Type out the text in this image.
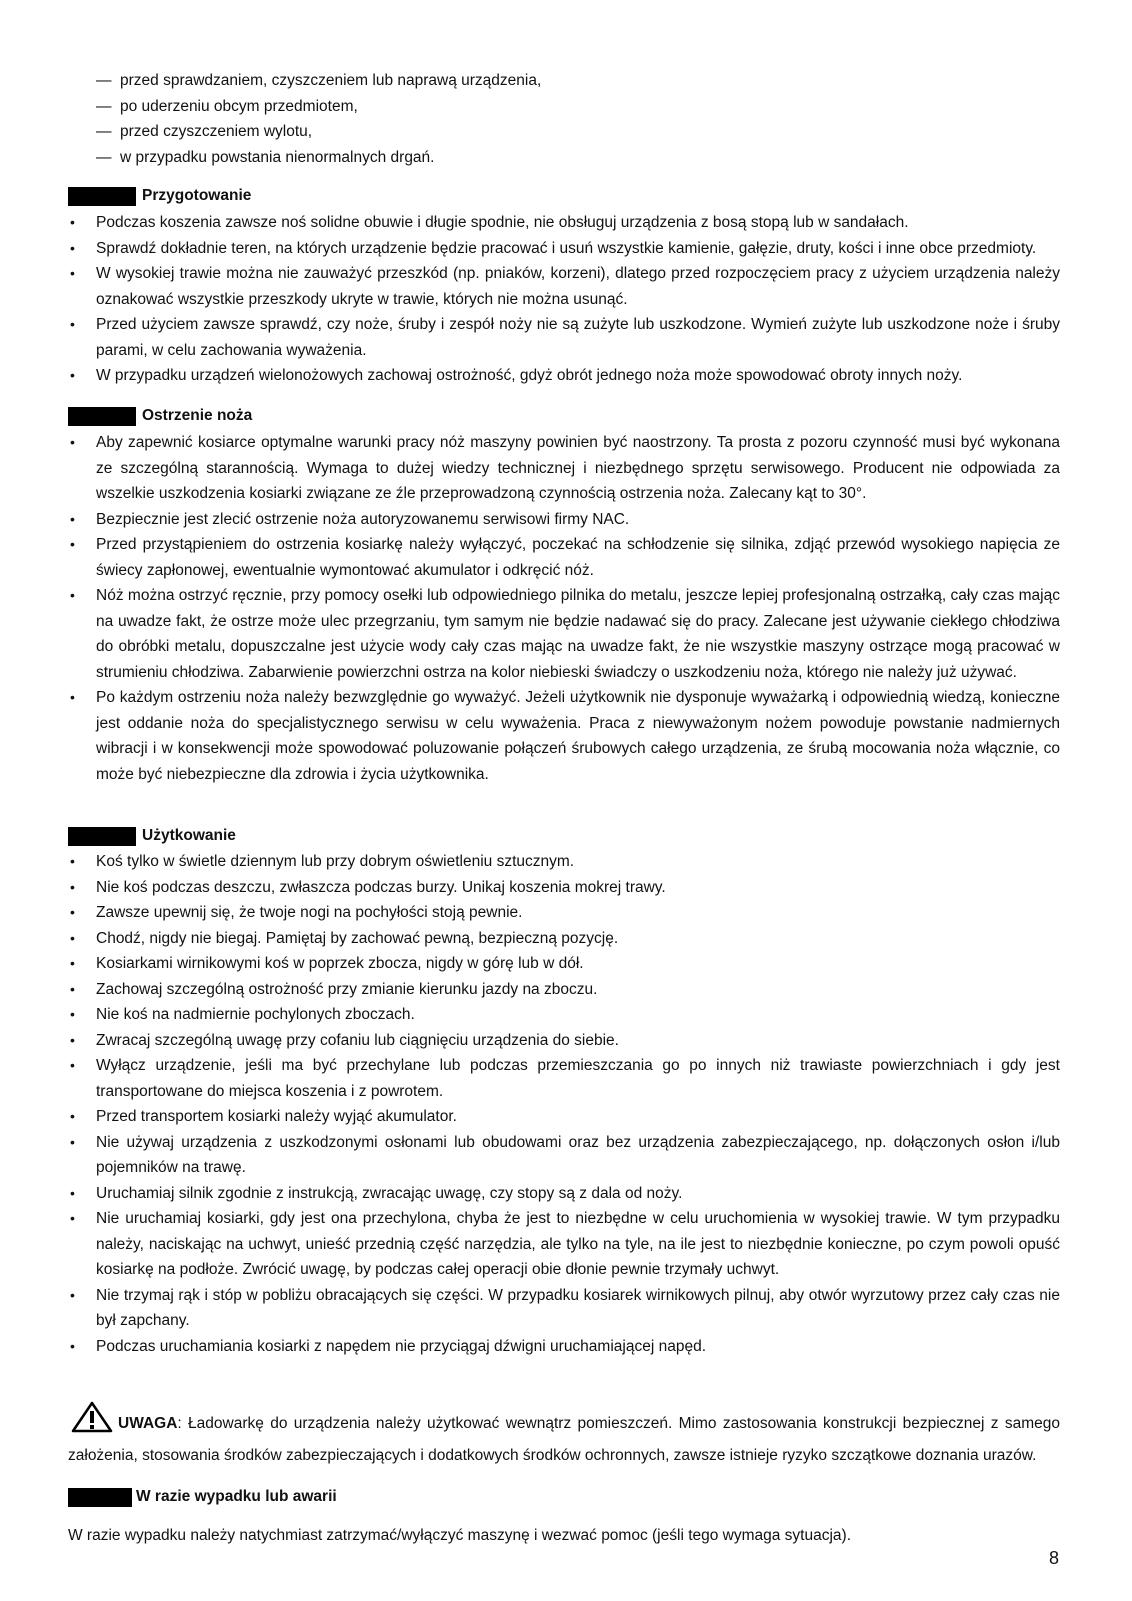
— przed sprawdzaniem, czyszczeniem lub naprawą urządzenia,
— po uderzeniu obcym przedmiotem,
— przed czyszczeniem wylotu,
— w przypadku powstania nienormalnych drgań.
Przygotowanie
•	Podczas koszenia zawsze noś solidne obuwie i długie spodnie, nie obsługuj urządzenia z bosą stopą lub w sandałach.
•	Sprawdź dokładnie teren, na których urządzenie będzie pracować i usuń wszystkie kamienie, gałęzie, druty, kości i inne obce przedmioty.
•	W wysokiej trawie można nie zauważyć przeszkód (np. pniaków, korzeni), dlatego przed rozpoczęciem pracy z użyciem urządzenia należy oznakować wszystkie przeszkody ukryte w trawie, których nie można usunąć.
•	Przed użyciem zawsze sprawdź, czy noże, śruby i zespół noży nie są zużyte lub uszkodzone. Wymień zużyte lub uszkodzone noże i śruby parami, w celu zachowania wyważenia.
•	W przypadku urządzeń wielonożowych zachowaj ostrożność, gdyż obrót jednego noża może spowodować obroty innych noży.
Ostrzenie noża
•	Aby zapewnić kosiarce optymalne warunki pracy nóż maszyny powinien być naostrzony. Ta prosta z pozoru czynność musi być wykonana ze szczególną starannością. Wymaga to dużej wiedzy technicznej i niezbędnego sprzętu serwisowego. Producent nie odpowiada za wszelkie uszkodzenia kosiarki związane ze źle przeprowadzoną czynnością ostrzenia noża. Zalecany kąt to 30°.
•	Bezpiecznie jest zlecić ostrzenie noża autoryzowanemu serwisowi firmy NAC.
•	Przed przystąpieniem do ostrzenia kosiarkę należy wyłączyć, poczekać na schłodzenie się silnika, zdjąć przewód wysokiego napięcia ze świecy zapłonowej, ewentualnie wymontować akumulator i odkręcić nóż.
•	Nóż można ostrzyć ręcznie, przy pomocy osełki lub odpowiedniego pilnika do metalu, jeszcze lepiej profesjonalną ostrzałką, cały czas mając na uwadze fakt, że ostrze może ulec przegrzaniu, tym samym nie będzie nadawać się do pracy. Zalecane jest używanie ciekłego chłodziwa do obróbki metalu, dopuszczalne jest użycie wody cały czas mając na uwadze fakt, że nie wszystkie maszyny ostrzące mogą pracować w strumieniu chłodziwa. Zabarwienie powierzchni ostrza na kolor niebieski świadczy o uszkodzeniu noża, którego nie należy już używać.
•	Po każdym ostrzeniu noża należy bezwzględnie go wyważyć. Jeżeli użytkownik nie dysponuje wyważarką i odpowiednią wiedzą, konieczne jest oddanie noża do specjalistycznego serwisu w celu wyważenia. Praca z niewyważonym nożem powoduje powstanie nadmiernych wibracji i w konsekwencji może spowodować poluzowanie połączeń śrubowych całego urządzenia, ze śrubą mocowania noża włącznie, co może być niebezpieczne dla zdrowia i życia użytkownika.
Użytkowanie
•	Koś tylko w świetle dziennym lub przy dobrym oświetleniu sztucznym.
•	Nie koś podczas deszczu, zwłaszcza podczas burzy. Unikaj koszenia mokrej trawy.
•	Zawsze upewnij się, że twoje nogi na pochyłości stoją pewnie.
•	Chodź, nigdy nie biegaj. Pamiętaj by zachować pewną, bezpieczną pozycję.
•	Kosiarkami wirnikowymi koś w poprzek zbocza, nigdy w górę lub w dół.
•	Zachowaj szczególną ostrożność przy zmianie kierunku jazdy na zboczu.
•	Nie koś na nadmiernie pochylonych zboczach.
•	Zwracaj szczególną uwagę przy cofaniu lub ciągnięciu urządzenia do siebie.
•	Wyłącz urządzenie, jeśli ma być przechylane lub podczas przemieszczania go po innych niż trawiaste powierzchniach i gdy jest transportowane do miejsca koszenia i z powrotem.
•	Przed transportem kosiarki należy wyjąć akumulator.
•	Nie używaj urządzenia z uszkodzonymi osłonami lub obudowami oraz bez urządzenia zabezpieczającego, np. dołączonych osłon i/lub pojemników na trawę.
•	Uruchamiaj silnik zgodnie z instrukcją, zwracając uwagę, czy stopy są z dala od noży.
•	Nie uruchamiaj kosiarki, gdy jest ona przechylona, chyba że jest to niezbędne w celu uruchomienia w wysokiej trawie. W tym przypadku należy, naciskając na uchwyt, unieść przednią część narzędzia, ale tylko na tyle, na ile jest to niezbędnie konieczne, po czym powoli opuść kosiarkę na podłoże. Zwrócić uwagę, by podczas całej operacji obie dłonie pewnie trzymały uchwyt.
•	Nie trzymaj rąk i stóp w pobliżu obracających się części. W przypadku kosiarek wirnikowych pilnuj, aby otwór wyrzutowy przez cały czas nie był zapchany.
•	Podczas uruchamiania kosiarki z napędem nie przyciągaj dźwigni uruchamiającej napęd.
UWAGA: Ładowarkę do urządzenia należy użytkować wewnątrz pomieszczeń. Mimo zastosowania konstrukcji bezpiecznej z samego założenia, stosowania środków zabezpieczających i dodatkowych środków ochronnych, zawsze istnieje ryzyko szczątkowe doznania urazów.
W razie wypadku lub awarii
W razie wypadku należy natychmiast zatrzymać/wyłączyć maszynę i wezwać pomoc (jeśli tego wymaga sytuacja).
8
